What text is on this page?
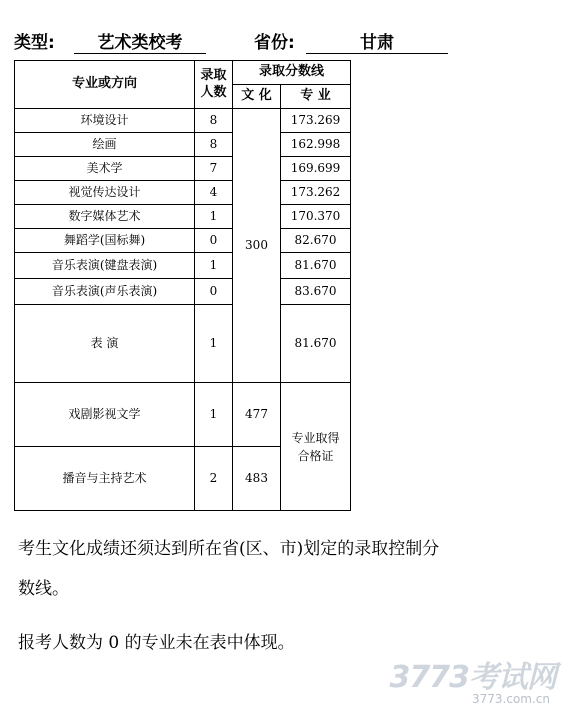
类型:	艺术类校考	省份:	甘肃
专业或方向	录取人数	录取分数线	
		文 化	专 业
环境设计	8	300	173.269
绘画	8		162.998
美术学	7		169.699
视觉传达设计	4		173.262
数字媒体艺术	1		170.370
舞蹈学(国标舞)	0		82.670
音乐表演(键盘表演)	1		81.670
音乐表演(声乐表演)	0		83.670
表 演	1		81.670
戏剧影视文学	1	477	专业取得合格证
播音与主持艺术	2	483	
考生文化成绩还须达到所在省(区、市)划定的录取控制分
数线。
报考人数为 0 的专业未在表中体现。
3773考试网
3773.com.cn
